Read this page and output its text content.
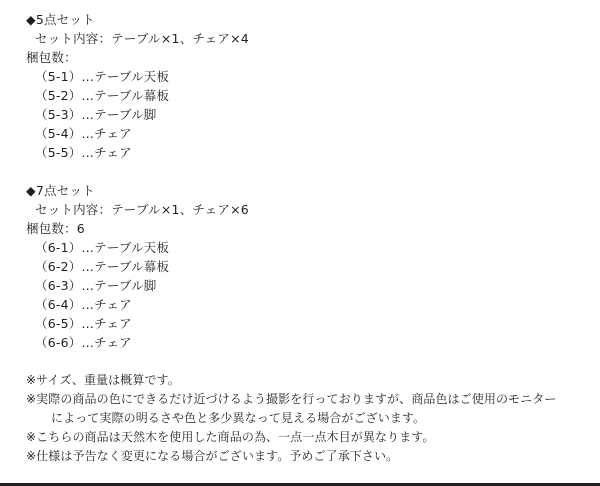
◆5点セット
セット内容：テーブル×1、チェア×4
梱包数：
（5-1）…テーブル天板
（5-2）…テーブル幕板
（5-3）…テーブル脚
（5-4）…チェア
（5-5）…チェア
◆7点セット
セット内容：テーブル×1、チェア×6
梱包数：6
（6-1）…テーブル天板
（6-2）…テーブル幕板
（6-3）…テーブル脚
（6-4）…チェア
（6-5）…チェア
（6-6）…チェア
※サイズ、重量は概算です。
※実際の商品の色にできるだけ近づけるよう撮影を行っておりますが、商品色はご使用のモニター
によって実際の明るさや色と多少異なって見える場合がございます。
※こちらの商品は天然木を使用した商品の為、一点一点木目が異なります。
※仕様は予告なく変更になる場合がございます。予めご了承下さい。
